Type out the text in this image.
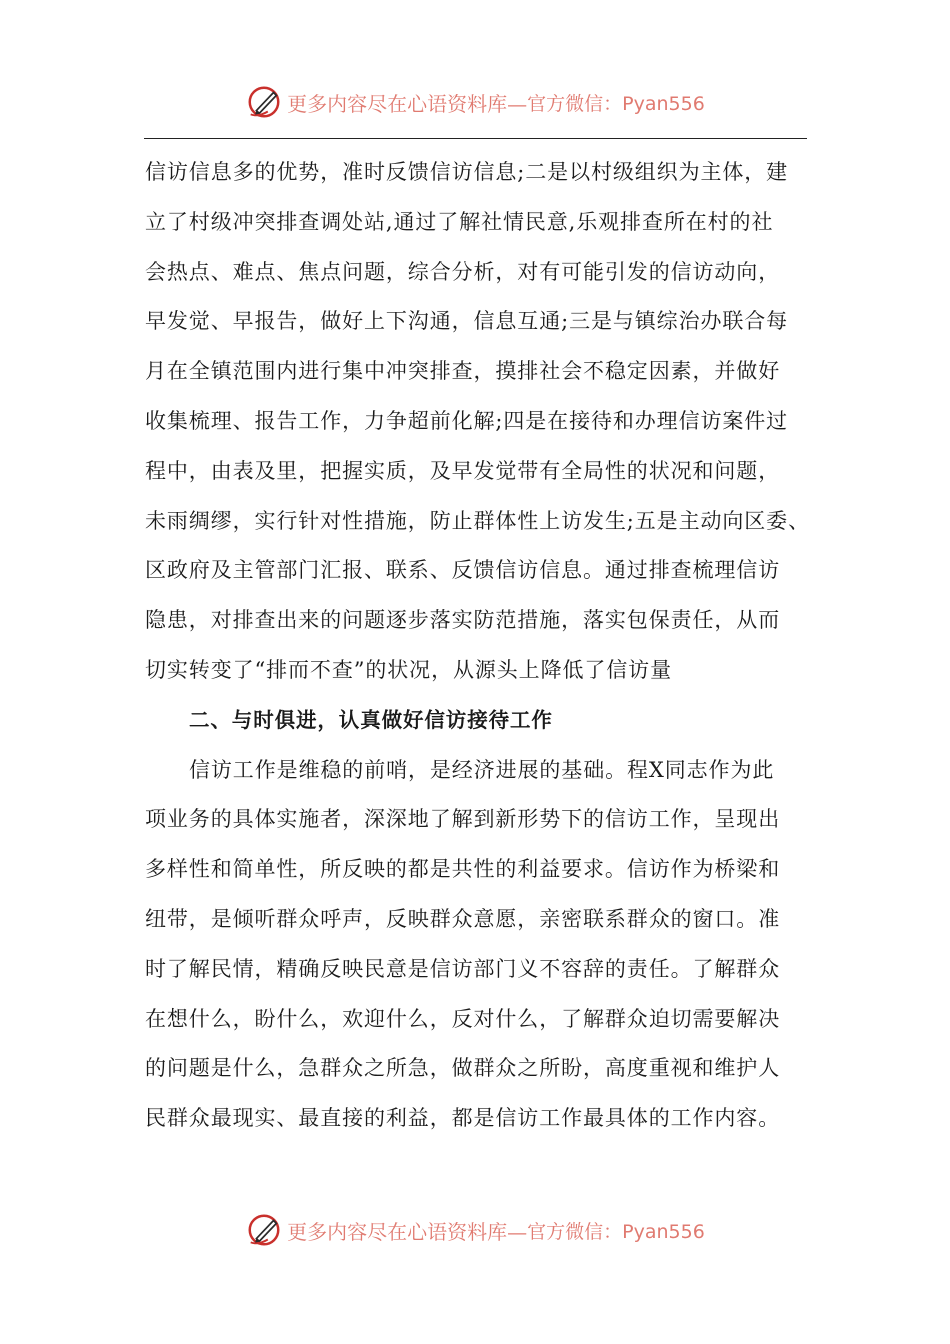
更多内容尽在心语资料库— 官方微信：Pyan556
信访信息多的优势，准时反馈信访信息;二是以村级组织为主体，建
立了村级冲突排查调处站,通过了解社情民意,乐观排查所在村的社
会热点、难点、焦点问题，综合分析，对有可能引发的信访动向，
早发觉、早报告，做好上下沟通，信息互通;三是与镇综治办联合每
月在全镇范围内进行集中冲突排查，摸排社会不稳定因素，并做好
收集梳理、报告工作，力争超前化解;四是在接待和办理信访案件过
程中，由表及里，把握实质，及早发觉带有全局性的状况和问题，
未雨绸缪，实行针对性措施，防止群体性上访发生;五是主动向区委、
区政府及主管部门汇报、联系、反馈信访信息。通过排查梳理信访
隐患，对排查出来的问题逐步落实防范措施，落实包保责任，从而
切实转变了“排而不查”的状况，从源头上降低了信访量
二、与时俱进，认真做好信访接待工作
信访工作是维稳的前哨，是经济进展的基础。程X同志作为此
项业务的具体实施者，深深地了解到新形势下的信访工作，呈现出
多样性和简单性，所反映的都是共性的利益要求。信访作为桥梁和
纽带，是倾听群众呼声，反映群众意愿，亲密联系群众的窗口。准
时了解民情，精确反映民意是信访部门义不容辞的责任。了解群众
在想什么，盼什么，欢迎什么，反对什么，了解群众迫切需要解决
的问题是什么，急群众之所急，做群众之所盼，高度重视和维护人
民群众最现实、最直接的利益，都是信访工作最具体的工作内容。
更多内容尽在心语资料库— 官方微信：Pyan556
